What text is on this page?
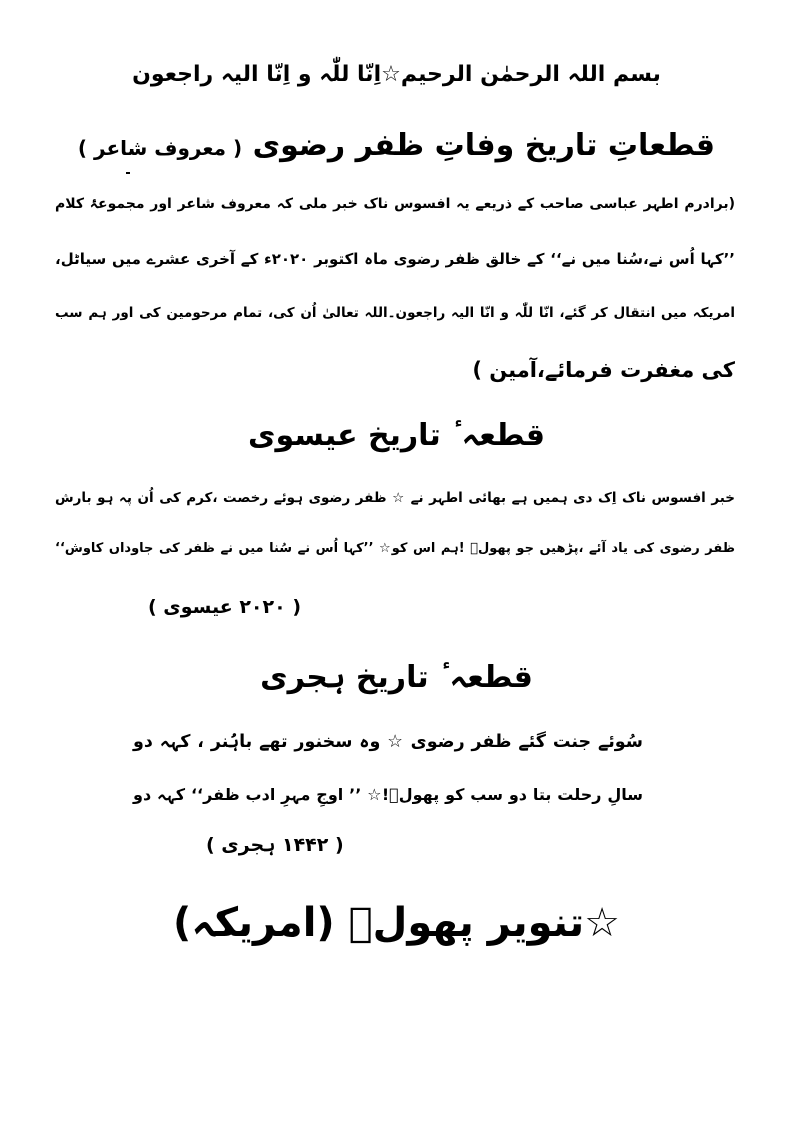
بسم اللہ الرحمٰن الرحیم☆اِنّا للّٰہ و اِنّا الیہ راجعون
قطعاتِ تاریخ وفاتِ ظفر رضوی ( معروف شاعر )
(برادرم اطہر عباسی صاحب کے ذریعے یہ افسوس ناک خبر ملی کہ معروف شاعر اور مجموعۂ کلام
’’کہا اُس نے،سُنا میں نے‘‘ کے خالق ظفر رضوی ماہ اکتوبر ۲۰۲۰ء کے آخری عشرے میں سیاٹل،
امریکہ میں انتقال کر گئے، انّا للّٰہ و انّا الیہ راجعون۔اللہ تعالیٰ اُن کی، تمام مرحومین کی اور ہم سب
کی مغفرت فرمائے،آمین )
قطعہ ٔ تاریخ عیسوی
خبر افسوس ناک اِک دی ہمیں ہے بھائی اطہر نے ☆ ظفر رضوی ہوئے رخصت ،کرم کی اُن پہ ہو بارش
ظفر رضوی کی یاد آئے ،پڑھیں جو پھولؔ !ہم اس کو☆ ’’کہا اُس نے سُنا میں نے ظفر کی جاوداں کاوش‘‘
( ۲۰۲۰ عیسوی )
قطعہ ٔ تاریخ ہجری
سُوئے جنت گئے ظفر رضوی ☆ وہ سخنور تھے باہُنر ، کہہ دو
سالِ رحلت بتا دو سب کو پھولؔ!☆ ’’ اوجِ مہرِ ادب ظفر‘‘ کہہ دو
( ۱۴۴۲ ہجری )
☆تنویر پھولؔ (امریکہ)
